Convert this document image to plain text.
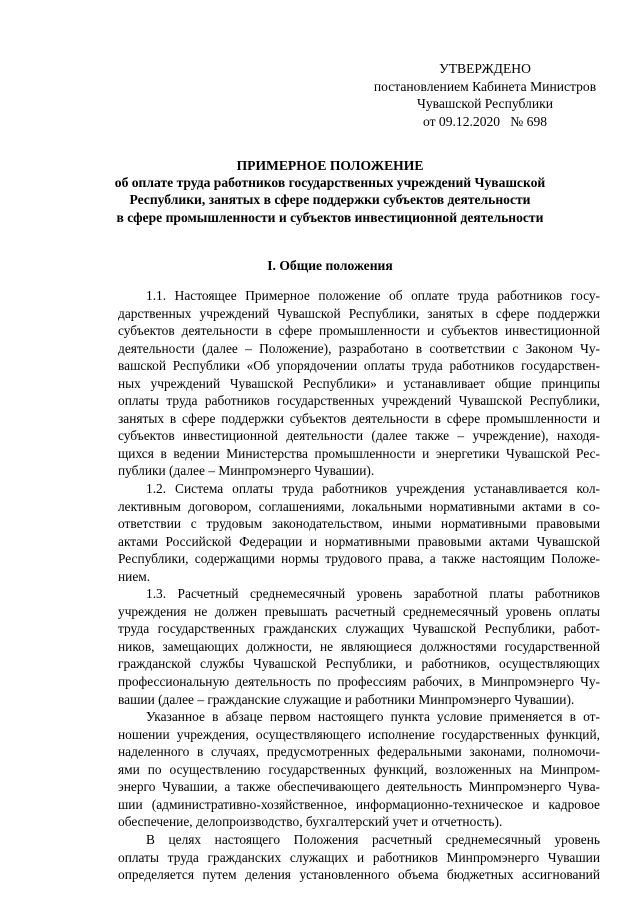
УТВЕРЖДЕНО
постановлением Кабинета Министров
Чувашской Республики
от 09.12.2020   № 698
ПРИМЕРНОЕ ПОЛОЖЕНИЕ
об оплате труда работников государственных учреждений Чувашской
Республики, занятых в сфере поддержки субъектов деятельности
в сфере промышленности и субъектов инвестиционной деятельности
I. Общие положения

1.1. Настоящее Примерное положение об оплате труда работников госу-

дарственных учреждений Чувашской Республики, занятых в сфере поддержки

субъектов деятельности в сфере промышленности и субъектов инвестиционной

деятельности (далее – Положение), разработано в соответствии с Законом Чу-

вашской Республики «Об упорядочении оплаты труда работников государствен-

ных учреждений Чувашской Республики» и устанавливает общие принципы

оплаты труда работников государственных учреждений Чувашской Республики,

занятых в сфере поддержки субъектов деятельности в сфере промышленности и

субъектов инвестиционной деятельности (далее также – учреждение), находя-

щихся в ведении Министерства промышленности и энергетики Чувашской Рес-

публики (далее – Минпромэнерго Чувашии).

1.2. Система оплаты труда работников учреждения устанавливается кол-

лективным договором, соглашениями, локальными нормативными актами в со-

ответствии с трудовым законодательством, иными нормативными правовыми

актами Российской Федерации и нормативными правовыми актами Чувашской

Республики, содержащими нормы трудового права, а также настоящим Положе-

нием.

1.3. Расчетный среднемесячный уровень заработной платы работников

учреждения не должен превышать расчетный среднемесячный уровень оплаты

труда государственных гражданских служащих Чувашской Республики, работ-

ников, замещающих должности, не являющиеся должностями государственной

гражданской службы Чувашской Республики, и работников, осуществляющих

профессиональную деятельность по профессиям рабочих, в Минпромэнерго Чу-

вашии (далее – гражданские служащие и работники Минпромэнерго Чувашии).

Указанное в абзаце первом настоящего пункта условие применяется в от-

ношении учреждения, осуществляющего исполнение государственных функций,

наделенного в случаях, предусмотренных федеральными законами, полномочи-

ями по осуществлению государственных функций, возложенных на Минпром-

энерго Чувашии, а также обеспечивающего деятельность Минпромэнерго Чува-

шии (административно-хозяйственное, информационно-техническое и кадровое

обеспечение, делопроизводство, бухгалтерский учет и отчетность).

В целях настоящего Положения расчетный среднемесячный уровень

оплаты труда гражданских служащих и работников Минпромэнерго Чувашии

определяется путем деления установленного объема бюджетных ассигнований
